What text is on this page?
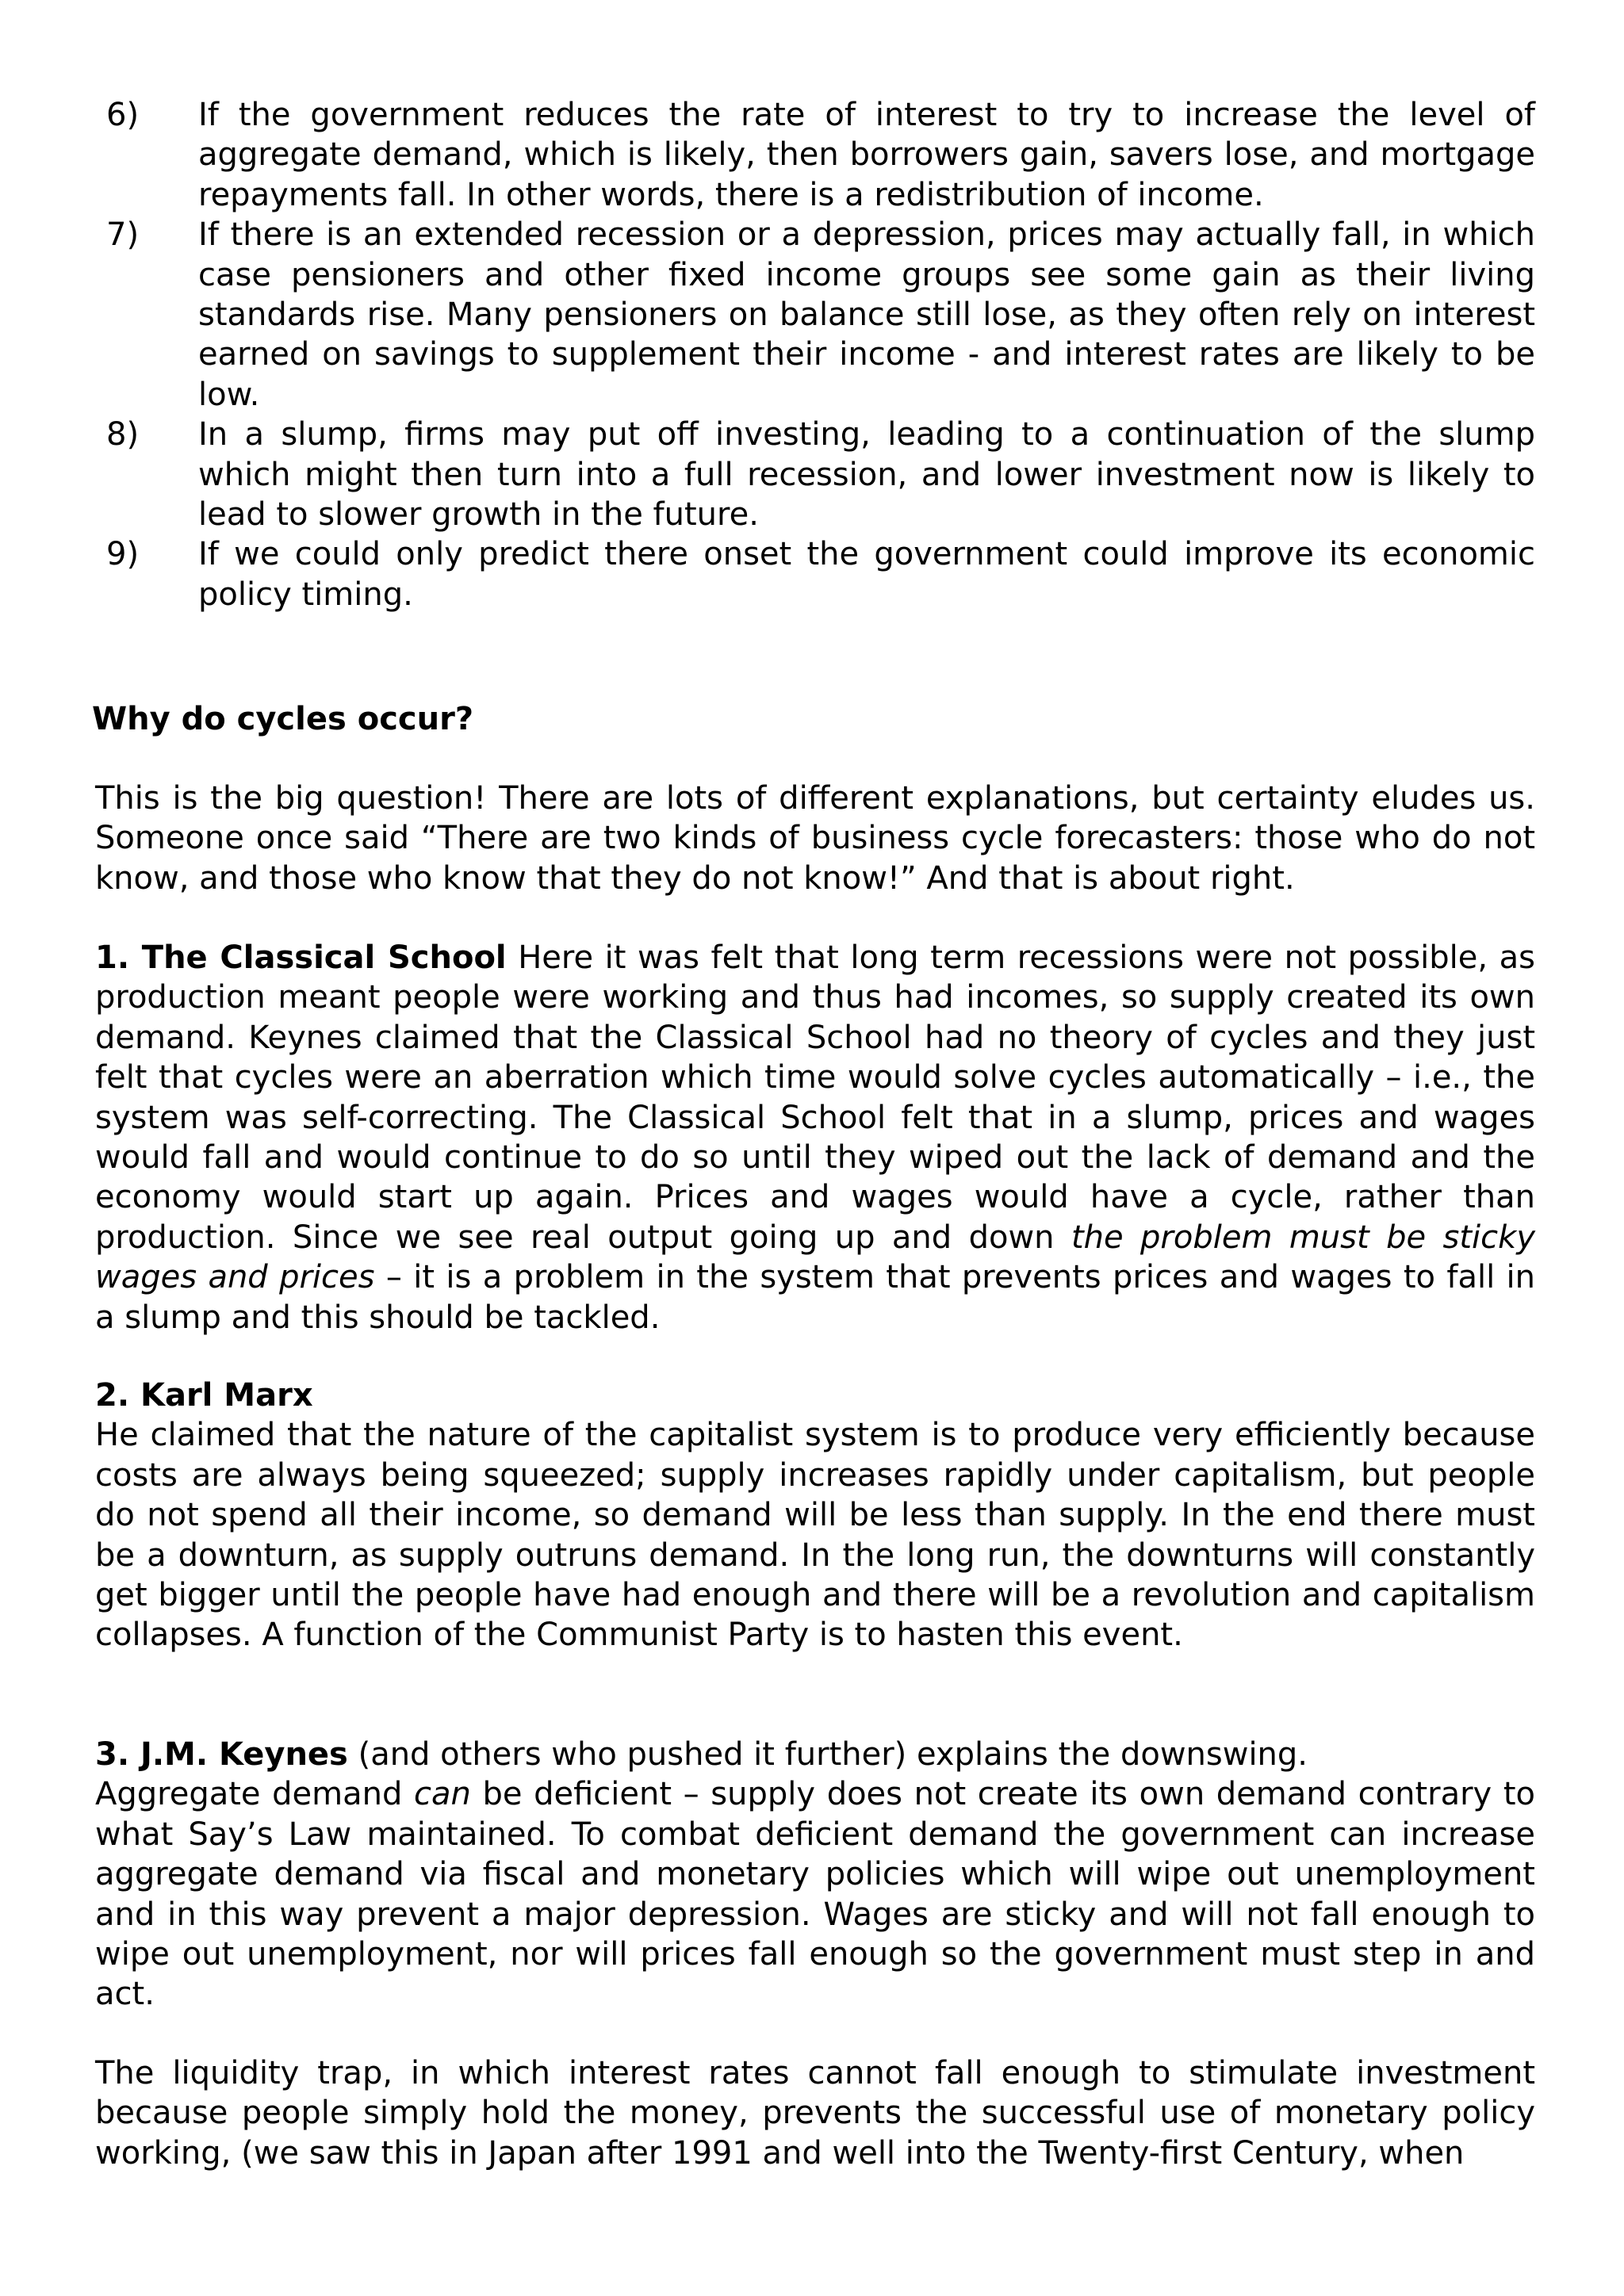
6)	If the government reduces the rate of interest to try to increase the level of aggregate demand, which is likely, then borrowers gain, savers lose, and mortgage repayments fall. In other words, there is a redistribution of income.
7)	If there is an extended recession or a depression, prices may actually fall, in which case pensioners and other fixed income groups see some gain as their living standards rise. Many pensioners on balance still lose, as they often rely on interest earned on savings to supplement their income - and interest rates are likely to be low.
8)	In a slump, firms may put off investing, leading to a continuation of the slump which might then turn into a full recession, and lower investment now is likely to lead to slower growth in the future.
9)	If we could only predict there onset the government could improve its economic policy timing.
Why do cycles occur?
This is the big question! There are lots of different explanations, but certainty eludes us. Someone once said “There are two kinds of business cycle forecasters: those who do not know, and those who know that they do not know!” And that is about right.
1. The Classical School Here it was felt that long term recessions were not possible, as production meant people were working and thus had incomes, so supply created its own demand. Keynes claimed that the Classical School had no theory of cycles and they just felt that cycles were an aberration which time would solve cycles automatically – i.e., the system was self-correcting. The Classical School felt that in a slump, prices and wages would fall and would continue to do so until they wiped out the lack of demand and the economy would start up again. Prices and wages would have a cycle, rather than production. Since we see real output going up and down the problem must be sticky wages and prices – it is a problem in the system that prevents prices and wages to fall in a slump and this should be tackled.
2. Karl Marx
He claimed that the nature of the capitalist system is to produce very efficiently because costs are always being squeezed; supply increases rapidly under capitalism, but people do not spend all their income, so demand will be less than supply. In the end there must be a downturn, as supply outruns demand. In the long run, the downturns will constantly get bigger until the people have had enough and there will be a revolution and capitalism collapses. A function of the Communist Party is to hasten this event.
3. J.M. Keynes (and others who pushed it further) explains the downswing.
Aggregate demand can be deficient – supply does not create its own demand contrary to what Say’s Law maintained. To combat deficient demand the government can increase aggregate demand via fiscal and monetary policies which will wipe out unemployment and in this way prevent a major depression. Wages are sticky and will not fall enough to wipe out unemployment, nor will prices fall enough so the government must step in and act.
The liquidity trap, in which interest rates cannot fall enough to stimulate investment because people simply hold the money, prevents the successful use of monetary policy working, (we saw this in Japan after 1991 and well into the Twenty-first Century, when
